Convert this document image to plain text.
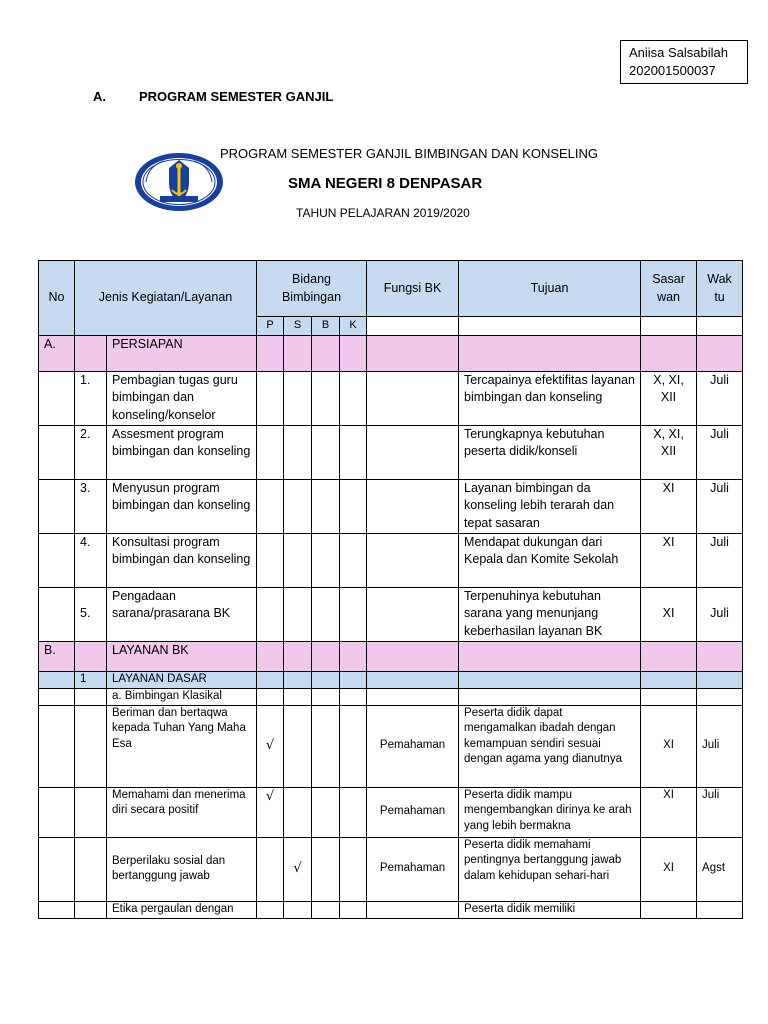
Aniisa Salsabilah
202001500037
A.	PROGRAM SEMESTER GANJIL
PROGRAM SEMESTER GANJIL BIMBINGAN DAN KONSELING
SMA NEGERI 8 DENPASAR
TAHUN PELAJARAN 2019/2020
No	Jenis Kegiatan/Layanan		Bidang Bimbingan				Fungsi BK	Tujuan	Sasar wan	Wak tu
			P	S	B	K				
A.		PERSIAPAN								
	1.	Pembagian tugas guru bimbingan dan konseling/konselor						Tercapainya efektifitas layanan bimbingan dan konseling	X, XI, XII	Juli
	2.	Assesment program bimbingan dan konseling						Terungkapnya kebutuhan peserta didik/konseli	X, XI, XII	Juli
	3.	Menyusun program bimbingan dan konseling						Layanan bimbingan da konseling lebih terarah dan tepat sasaran	XI	Juli
	4.	Konsultasi program bimbingan dan konseling						Mendapat dukungan dari Kepala dan Komite Sekolah	XI	Juli
	5.	Pengadaan sarana/prasarana BK						Terpenuhinya kebutuhan sarana yang menunjang keberhasilan layanan BK	XI	Juli
B.		LAYANAN BK								
	1	LAYANAN DASAR								
		a. Bimbingan Klasikal								
		Beriman dan bertaqwa kepada Tuhan Yang Maha Esa	√				Pemahaman	Peserta didik dapat mengamalkan ibadah dengan kemampuan sendiri sesuai dengan agama yang dianutnya	XI	Juli
		Memahami dan menerima diri secara positif	√				Pemahaman	Peserta didik mampu mengembangkan dirinya ke arah yang lebih bermakna	XI	Juli
		Berperilaku sosial dan bertanggung jawab		√			Pemahaman	Peserta didik memahami pentingnya bertanggung jawab dalam kehidupan sehari-hari	XI	Agst
		Etika pergaulan dengan						Peserta didik memiliki		
